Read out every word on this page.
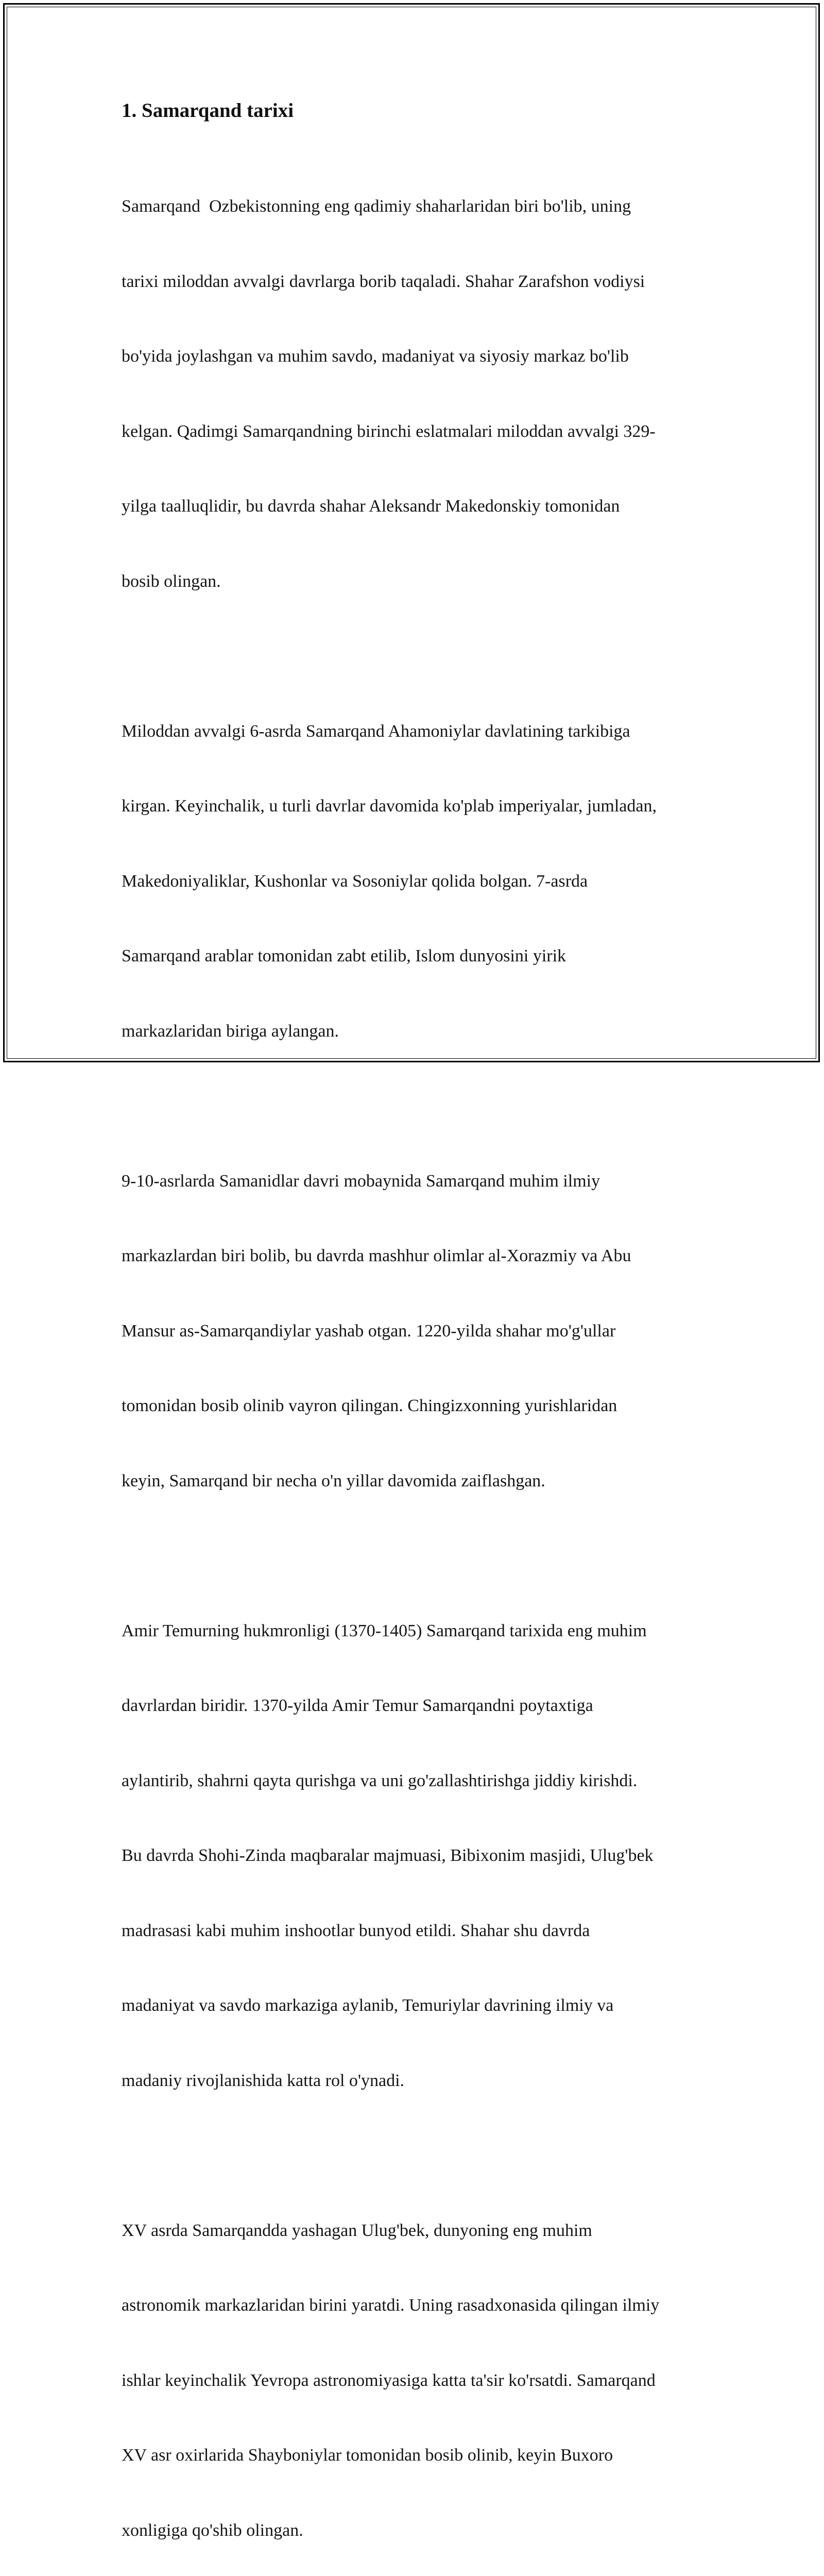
1. Samarqand tarixi

Samarqand  Ozbekistonning eng qadimiy shaharlaridan biri bo'lib, uning

tarixi miloddan avvalgi davrlarga borib taqaladi. Shahar Zarafshon vodiysi

bo'yida joylashgan va muhim savdo, madaniyat va siyosiy markaz bo'lib

kelgan. Qadimgi Samarqandning birinchi eslatmalari miloddan avvalgi 329-

yilga taalluqlidir, bu davrda shahar Aleksandr Makedonskiy tomonidan

bosib olingan.

Miloddan avvalgi 6-asrda Samarqand Ahamoniylar davlatining tarkibiga

kirgan. Keyinchalik, u turli davrlar davomida ko'plab imperiyalar, jumladan,

Makedoniyaliklar, Kushonlar va Sosoniylar qolida bolgan. 7-asrda

Samarqand arablar tomonidan zabt etilib, Islom dunyosini yirik

markazlaridan biriga aylangan.

9-10-asrlarda Samanidlar davri mobaynida Samarqand muhim ilmiy

markazlardan biri bolib, bu davrda mashhur olimlar al-Xorazmiy va Abu

Mansur as-Samarqandiylar yashab otgan. 1220-yilda shahar mo'g'ullar

tomonidan bosib olinib vayron qilingan. Chingizxonning yurishlaridan

keyin, Samarqand bir necha o'n yillar davomida zaiflashgan.

Amir Temurning hukmronligi (1370-1405) Samarqand tarixida eng muhim

davrlardan biridir. 1370-yilda Amir Temur Samarqandni poytaxtiga

aylantirib, shahrni qayta qurishga va uni go'zallashtirishga jiddiy kirishdi.

Bu davrda Shohi-Zinda maqbaralar majmuasi, Bibixonim masjidi, Ulug'bek

madrasasi kabi muhim inshootlar bunyod etildi. Shahar shu davrda

madaniyat va savdo markaziga aylanib, Temuriylar davrining ilmiy va

madaniy rivojlanishida katta rol o'ynadi.

XV asrda Samarqandda yashagan Ulug'bek, dunyoning eng muhim

astronomik markazlaridan birini yaratdi. Uning rasadxonasida qilingan ilmiy

ishlar keyinchalik Yevropa astronomiyasiga katta ta'sir ko'rsatdi. Samarqand

XV asr oxirlarida Shayboniylar tomonidan bosib olinib, keyin Buxoro

xonligiga qo'shib olingan.
